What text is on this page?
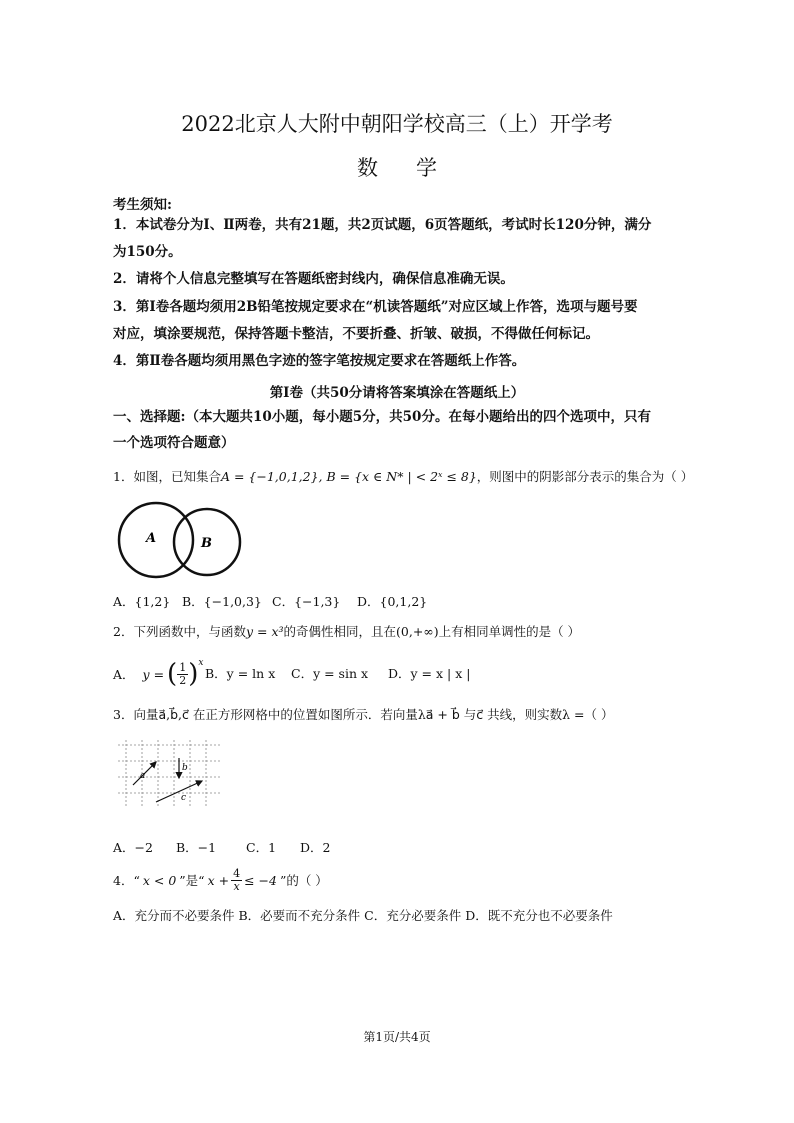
2022北京人大附中朝阳学校高三（上）开学考
数学
考生须知:
1．本试卷分为Ⅰ、Ⅱ两卷，共有21题，共2页试题，6页答题纸，考试时长120分钟，满分
为150分。
2．请将个人信息完整填写在答题纸密封线内，确保信息准确无误。
3．第Ⅰ卷各题均须用2B铅笔按规定要求在“机读答题纸”对应区域上作答，选项与题号要
对应，填涂要规范，保持答题卡整洁，不要折叠、折皱、破损，不得做任何标记。
4．第Ⅱ卷各题均须用黑色字迹的签字笔按规定要求在答题纸上作答。
第Ⅰ卷（共50分请将答案填涂在答题纸上）
一、选择题:（本大题共10小题，每小题5分，共50分。在每小题给出的四个选项中，只有
一个选项符合题意）
1．如图，已知集合A = {−1,0,1,2}, B = {x ∈ N* | < 2ˣ ≤ 8}，则图中的阴影部分表示的集合为（ ）
A	B
A．{1,2} B．{−1,0,3} C．{−1,3} D．{0,1,2}
2．下列函数中，与函数y = x³的奇偶性相同，且在(0,+∞)上有相同单调性的是（ ）
A． y = ( $\frac{1}{2}$ ) x
B．y = ln x C．y = sin x D．y = x | x |
3．向量a⃗,b⃗,c⃗ 在正方形网格中的位置如图所示．若向量λa⃗ + b⃗ 与c⃗ 共线，则实数λ =（ ）
a
b
c
A．−2 B．−1 C．1 D．2
4．“ x < 0 ”是“ $x + \frac{4}{x} \le -4$ ”的（ ）
A．充分而不必要条件 B．必要而不充分条件 C．充分必要条件 D．既不充分也不必要条件
第1页/共4页
